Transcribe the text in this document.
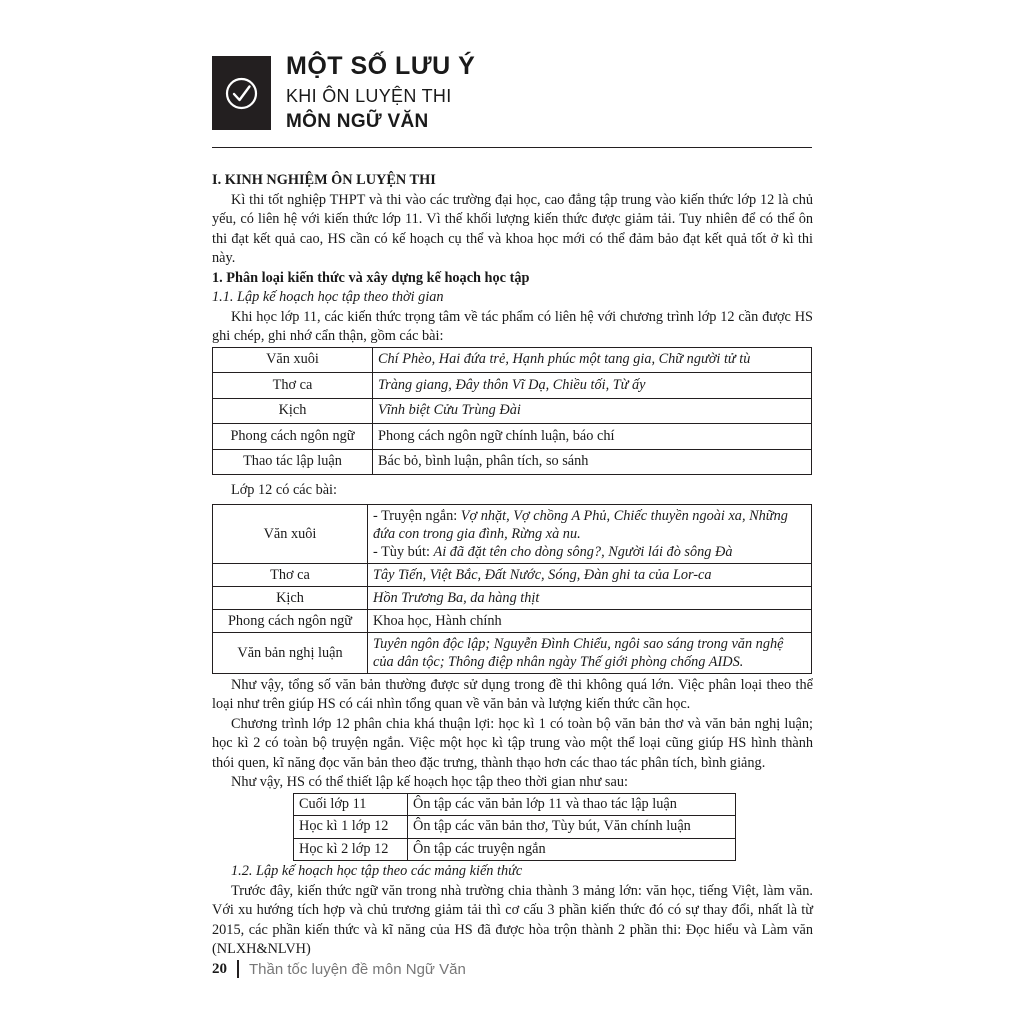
MỘT SỐ LƯU Ý
KHI ÔN LUYỆN THI
MÔN NGỮ VĂN

I. KINH NGHIỆM ÔN LUYỆN THI

Kì thi tốt nghiệp THPT và thi vào các trường đại học, cao đẳng tập trung vào kiến thức lớp 12 là chủ yếu, có liên hệ với kiến thức lớp 11. Vì thế khối lượng kiến thức được giảm tải. Tuy nhiên để có thể ôn thi đạt kết quả cao, HS cần có kế hoạch cụ thể và khoa học mới có thể đảm bảo đạt kết quả tốt ở kì thi này.

1. Phân loại kiến thức và xây dựng kế hoạch học tập

1.1. Lập kế hoạch học tập theo thời gian

Khi học lớp 11, các kiến thức trọng tâm về tác phẩm có liên hệ với chương trình lớp 12 cần được HS ghi chép, ghi nhớ cẩn thận, gồm các bài:

Văn xuôi	Chí Phèo, Hai đứa trẻ, Hạnh phúc một tang gia, Chữ người tử tù
Thơ ca	Tràng giang, Đây thôn Vĩ Dạ, Chiều tối, Từ ấy
Kịch	Vĩnh biệt Cửu Trùng Đài
Phong cách ngôn ngữ	Phong cách ngôn ngữ chính luận, báo chí
Thao tác lập luận	Bác bỏ, bình luận, phân tích, so sánh

Lớp 12 có các bài:

Văn xuôi	- Truyện ngắn: Vợ nhặt, Vợ chồng A Phủ, Chiếc thuyền ngoài xa, Những đứa con trong gia đình, Rừng xà nu.
- Tùy bút: Ai đã đặt tên cho dòng sông?, Người lái đò sông Đà
Thơ ca	Tây Tiến, Việt Bắc, Đất Nước, Sóng, Đàn ghi ta của Lor-ca
Kịch	Hồn Trương Ba, da hàng thịt
Phong cách ngôn ngữ	Khoa học, Hành chính
Văn bản nghị luận	Tuyên ngôn độc lập; Nguyễn Đình Chiểu, ngôi sao sáng trong văn nghệ của dân tộc; Thông điệp nhân ngày Thế giới phòng chống AIDS.

Như vậy, tổng số văn bản thường được sử dụng trong đề thi không quá lớn. Việc phân loại theo thể loại như trên giúp HS có cái nhìn tổng quan về văn bản và lượng kiến thức cần học.

Chương trình lớp 12 phân chia khá thuận lợi: học kì 1 có toàn bộ văn bản thơ và văn bản nghị luận; học kì 2 có toàn bộ truyện ngắn. Việc một học kì tập trung vào một thể loại cũng giúp HS hình thành thói quen, kĩ năng đọc văn bản theo đặc trưng, thành thạo hơn các thao tác phân tích, bình giảng.

Như vậy, HS có thể thiết lập kế hoạch học tập theo thời gian như sau:

Cuối lớp 11	Ôn tập các văn bản lớp 11 và thao tác lập luận
Học kì 1 lớp 12	Ôn tập các văn bản thơ, Tùy bút, Văn chính luận
Học kì 2 lớp 12	Ôn tập các truyện ngắn

1.2. Lập kế hoạch học tập theo các mảng kiến thức

Trước đây, kiến thức ngữ văn trong nhà trường chia thành 3 mảng lớn: văn học, tiếng Việt, làm văn. Với xu hướng tích hợp và chủ trương giảm tải thì cơ cấu 3 phần kiến thức đó có sự thay đổi, nhất là từ 2015, các phần kiến thức và kĩ năng của HS đã được hòa trộn thành 2 phần thi: Đọc hiểu và Làm văn (NLXH&NLVH)

20 Thần tốc luyện đề môn Ngữ Văn
